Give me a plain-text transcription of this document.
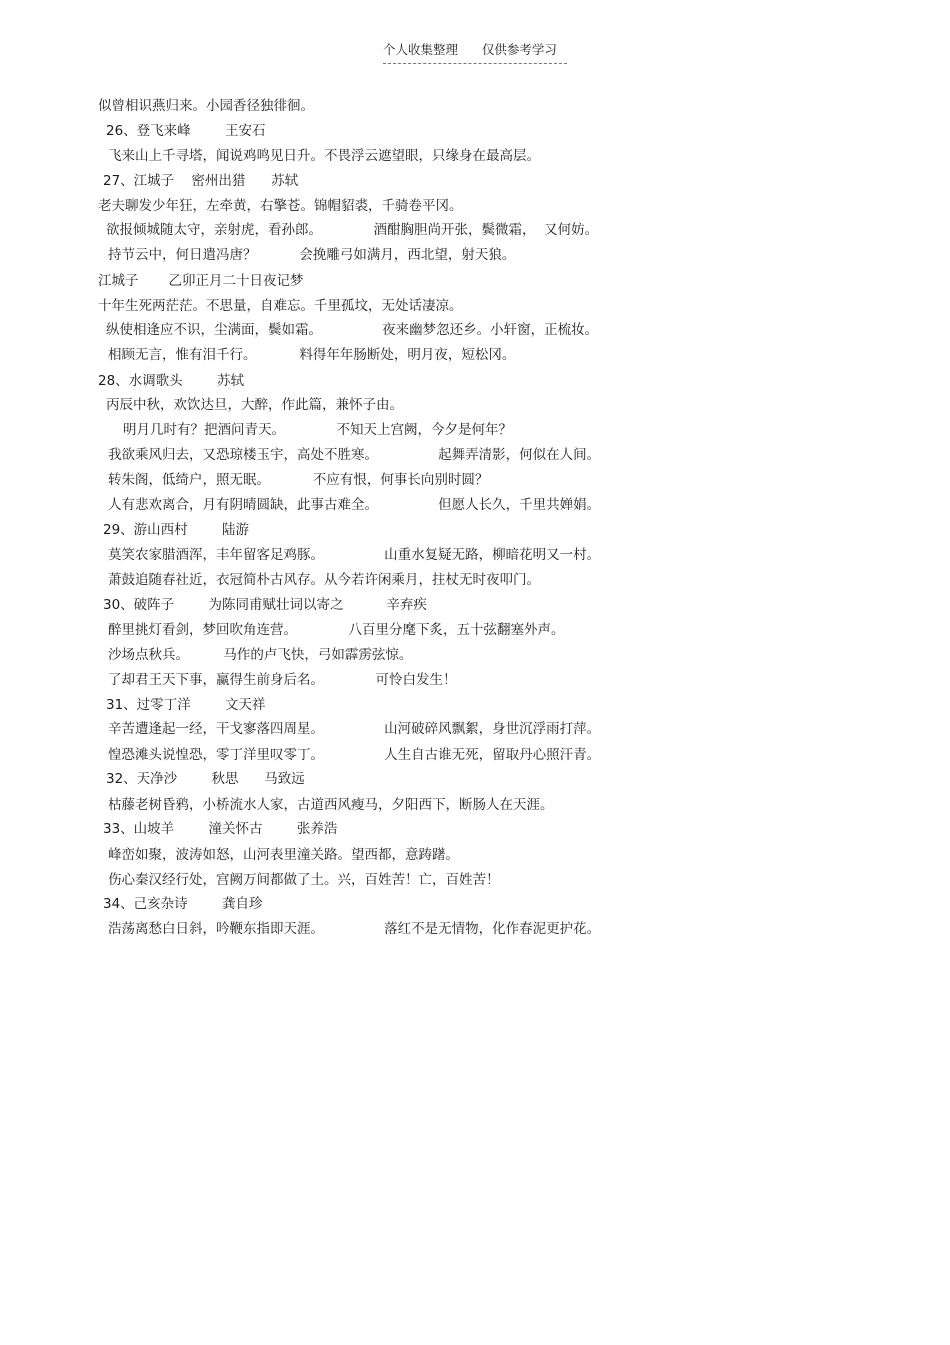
个人收集整理      仅供参考学习
似曾相识燕归来。小园香径独徘徊。
26、登飞来峰        王安石
飞来山上千寻塔，闻说鸡鸣见日升。不畏浮云遮望眼，只缘身在最高层。
27、江城子    密州出猎      苏轼
老夫聊发少年狂，左牵黄，右擎苍。锦帽貂裘，千骑卷平冈。
欲报倾城随太守，亲射虎，看孙郎。            酒酣胸胆尚开张，鬓微霜，  又何妨。
持节云中，何日遣冯唐？          会挽雕弓如满月，西北望，射天狼。
江城子       乙卯正月二十日夜记梦
十年生死两茫茫。不思量，自难忘。千里孤坟，无处话凄凉。
纵使相逢应不识，尘满面，鬓如霜。              夜来幽梦忽还乡。小轩窗，正梳妆。
相顾无言，惟有泪千行。          料得年年肠断处，明月夜，短松冈。
28、水调歌头        苏轼
丙辰中秋，欢饮达旦，大醉，作此篇，兼怀子由。
明月几时有？把酒问青天。            不知天上宫阙，今夕是何年？
我欲乘风归去，又恐琼楼玉宇，高处不胜寒。              起舞弄清影，何似在人间。
转朱阁，低绮户，照无眠。          不应有恨，何事长向别时圆？
人有悲欢离合，月有阴晴圆缺，此事古难全。              但愿人长久，千里共婵娟。
29、游山西村        陆游
莫笑农家腊酒浑，丰年留客足鸡豚。              山重水复疑无路，柳暗花明又一村。
萧鼓追随春社近，衣冠简朴古风存。从今若许闲乘月，拄杖无时夜叩门。
30、破阵子        为陈同甫赋壮词以寄之          辛弃疾
醉里挑灯看剑，梦回吹角连营。            八百里分麾下炙，五十弦翻塞外声。
沙场点秋兵。        马作的卢飞快，弓如霹雳弦惊。
了却君王天下事，赢得生前身后名。            可怜白发生！
31、过零丁洋        文天祥
辛苦遭逢起一经，干戈寥落四周星。              山河破碎风飘絮，身世沉浮雨打萍。
惶恐滩头说惶恐，零丁洋里叹零丁。              人生自古谁无死，留取丹心照汗青。
32、天净沙        秋思      马致远
枯藤老树昏鸦，小桥流水人家，古道西风瘦马，夕阳西下，断肠人在天涯。
33、山坡羊        潼关怀古        张养浩
峰峦如聚，波涛如怒，山河表里潼关路。望西都，意踌躇。
伤心秦汉经行处，宫阙万间都做了土。兴，百姓苦！亡，百姓苦！
34、己亥杂诗        龚自珍
浩荡离愁白日斜，吟鞭东指即天涯。              落红不是无情物，化作春泥更护花。
